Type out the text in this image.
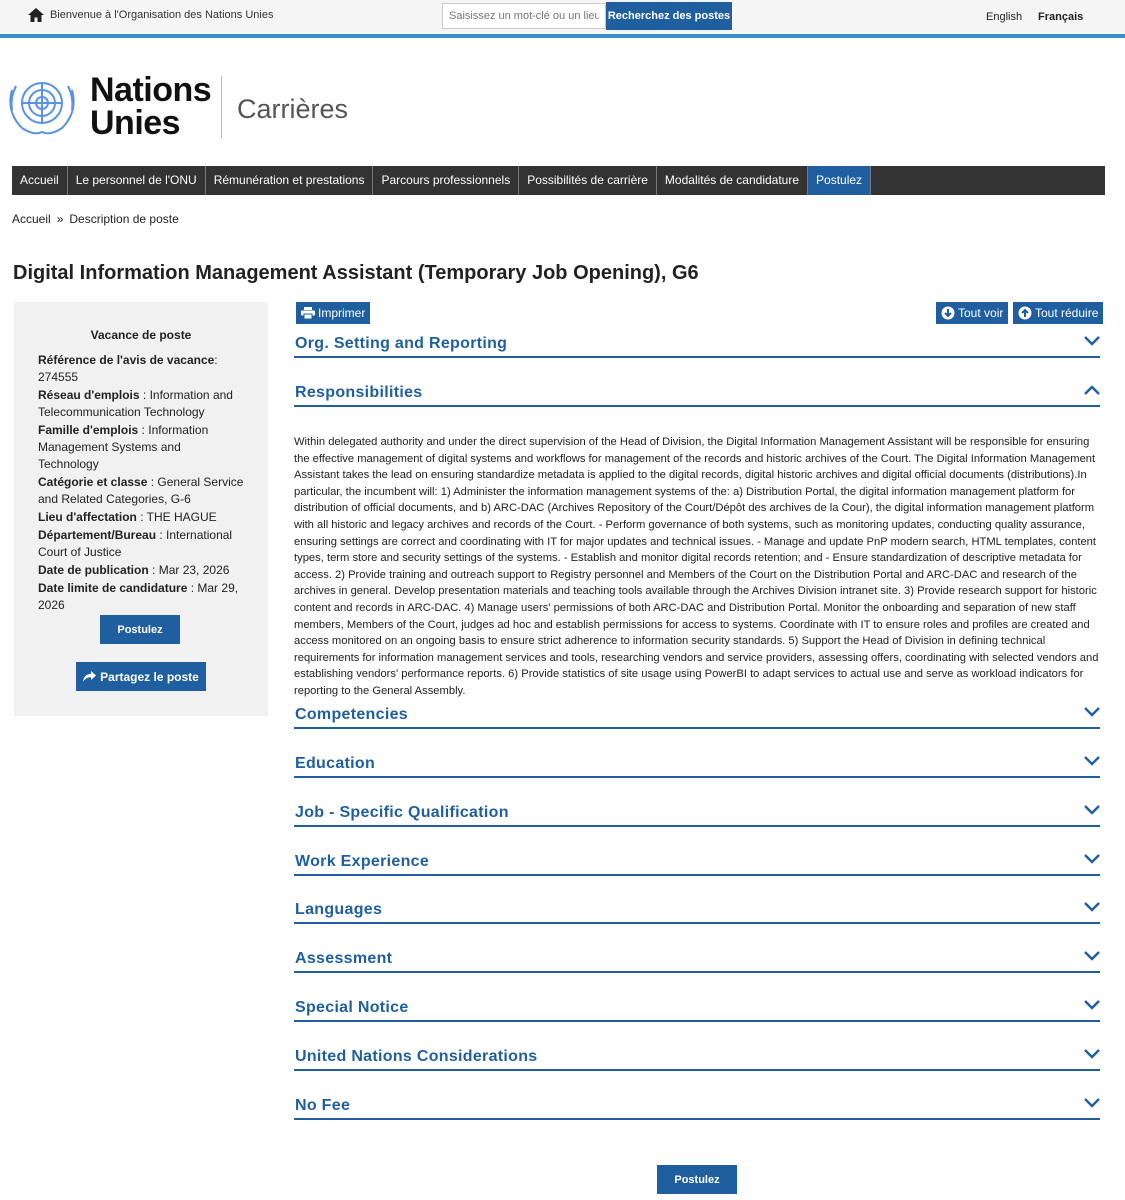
Bienvenue à l'Organisation des Nations Unies
Saisissez un mot-clé ou un lieu	Recherchez des postes	English Français
Nations
Unies	Carrières
Accueil	Le personnel de l'ONU	Rémunération et prestations	Parcours professionnels	Possibilités de carrière	Modalités de candidature	Postulez
Accueil » Description de poste
Digital Information Management Assistant (Temporary Job Opening), G6
Vacance de poste
Référence de l'avis de vacance:
274555
Réseau d'emplois : Information and Telecommunication Technology
Famille d'emplois : Information Management Systems and Technology
Catégorie et classe : General Service and Related Categories, G-6
Lieu d'affectation : THE HAGUE
Département/Bureau : International Court of Justice
Date de publication : Mar 23, 2026
Date limite de candidature : Mar 29, 2026
Postulez
Partagez le poste
Imprimer	Tout voir	Tout réduire
Org. Setting and Reporting
Responsibilities
Within delegated authority and under the direct supervision of the Head of Division, the Digital Information Management Assistant will be responsible for ensuring the effective management of digital systems and workflows for management of the records and historic archives of the Court. The Digital Information Management Assistant takes the lead on ensuring standardize metadata is applied to the digital records, digital historic archives and digital official documents (distributions).In particular, the incumbent will: 1) Administer the information management systems of the: a) Distribution Portal, the digital information management platform for distribution of official documents, and b) ARC-DAC (Archives Repository of the Court/Dépôt des archives de la Cour), the digital information management platform with all historic and legacy archives and records of the Court. - Perform governance of both systems, such as monitoring updates, conducting quality assurance, ensuring settings are correct and coordinating with IT for major updates and technical issues. - Manage and update PnP modern search, HTML templates, content types, term store and security settings of the systems. - Establish and monitor digital records retention; and - Ensure standardization of descriptive metadata for access. 2) Provide training and outreach support to Registry personnel and Members of the Court on the Distribution Portal and ARC-DAC and research of the archives in general. Develop presentation materials and teaching tools available through the Archives Division intranet site. 3) Provide research support for historic content and records in ARC-DAC. 4) Manage users' permissions of both ARC-DAC and Distribution Portal. Monitor the onboarding and separation of new staff members, Members of the Court, judges ad hoc and establish permissions for access to systems. Coordinate with IT to ensure roles and profiles are created and access monitored on an ongoing basis to ensure strict adherence to information security standards. 5) Support the Head of Division in defining technical requirements for information management services and tools, researching vendors and service providers, assessing offers, coordinating with selected vendors and establishing vendors' performance reports. 6) Provide statistics of site usage using PowerBI to adapt services to actual use and serve as workload indicators for reporting to the General Assembly.
Competencies
Education
Job - Specific Qualification
Work Experience
Languages
Assessment
Special Notice
United Nations Considerations
No Fee
Postulez
